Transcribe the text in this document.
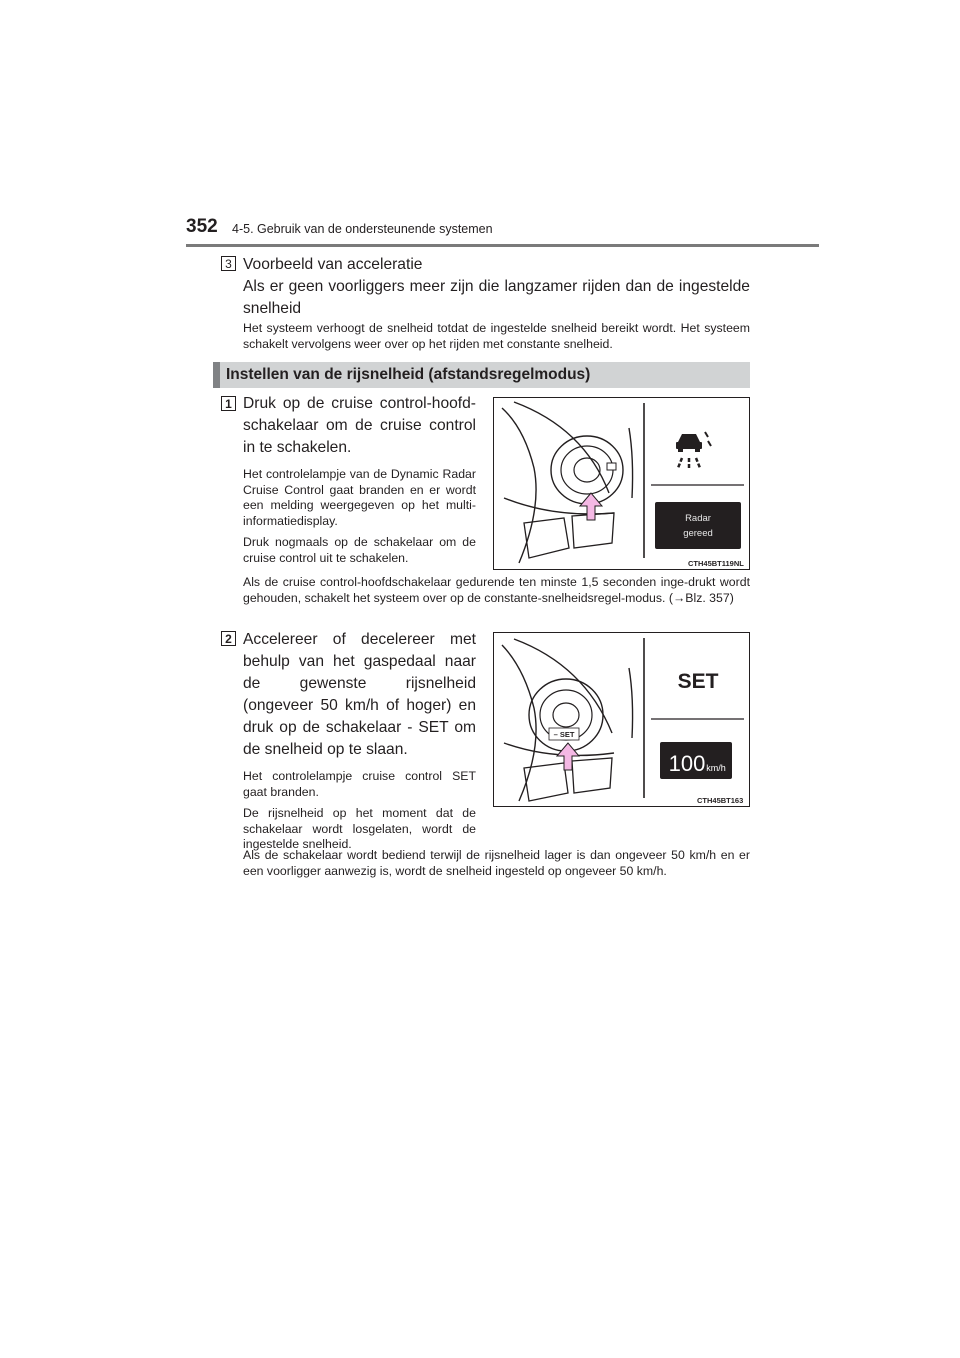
352 4-5. Gebruik van de ondersteunende systemen
3 Voorbeeld van acceleratie
Als er geen voorliggers meer zijn die langzamer rijden dan de ingestelde snelheid
Het systeem verhoogt de snelheid totdat de ingestelde snelheid bereikt wordt. Het systeem schakelt vervolgens weer over op het rijden met constante snelheid.
Instellen van de rijsnelheid (afstandsregelmodus)
1 Druk op de cruise control-hoofd-schakelaar om de cruise control in te schakelen.
Het controlelampje van de Dynamic Radar Cruise Control gaat branden en er wordt een melding weergegeven op het multi-informatiedisplay.
Druk nogmaals op de schakelaar om de cruise control uit te schakelen.
Radar
gereed
CTH45BT119NL
Als de cruise control-hoofdschakelaar gedurende ten minste 1,5 seconden inge-drukt wordt gehouden, schakelt het systeem over op de constante-snelheidsregel-modus. (→Blz. 357)
2 Accelereer of decelereer met behulp van het gaspedaal naar de gewenste rijsnelheid (ongeveer 50 km/h of hoger) en druk op de schakelaar - SET om de snelheid op te slaan.
Het controlelampje cruise control SET gaat branden.
De rijsnelheid op het moment dat de schakelaar wordt losgelaten, wordt de ingestelde snelheid.
– SET
SET
100 km/h
CTH45BT163
Als de schakelaar wordt bediend terwijl de rijsnelheid lager is dan ongeveer 50 km/h en er een voorligger aanwezig is, wordt de snelheid ingesteld op ongeveer 50 km/h.
